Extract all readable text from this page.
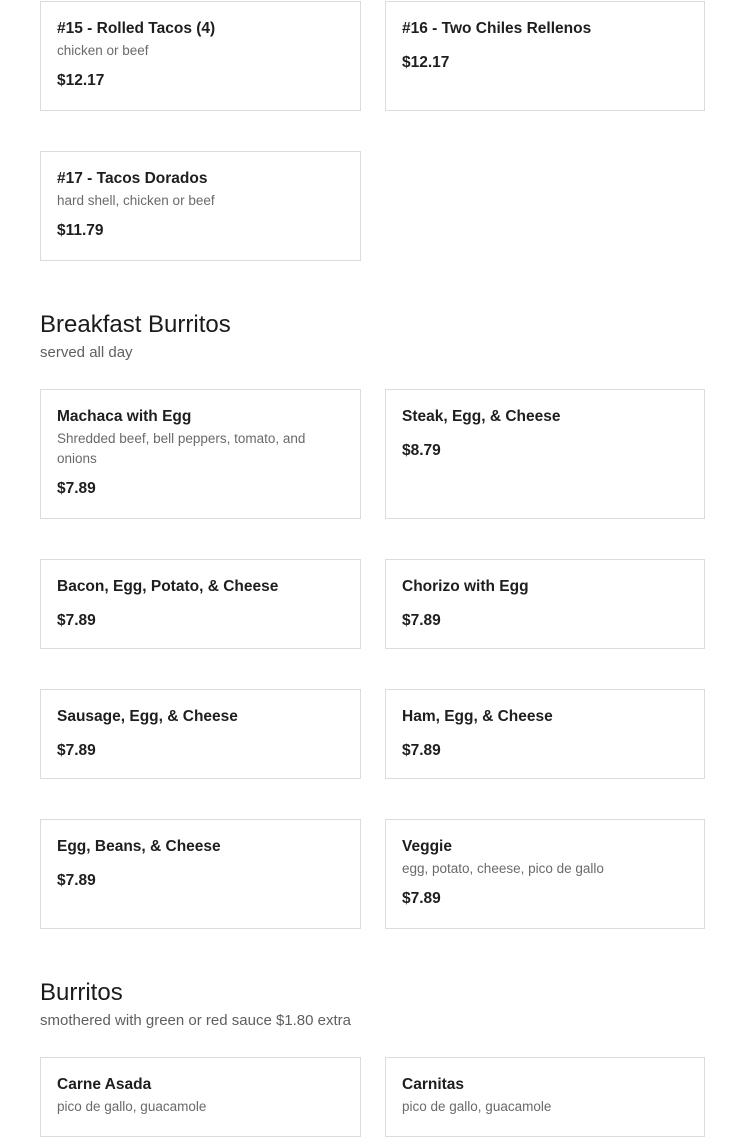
#15 - Rolled Tacos (4)
chicken or beef
$12.17
#16 - Two Chiles Rellenos
$12.17
#17 - Tacos Dorados
hard shell, chicken or beef
$11.79
Breakfast Burritos
served all day
Machaca with Egg
Shredded beef, bell peppers, tomato, and onions
$7.89
Steak, Egg, & Cheese
$8.79
Bacon, Egg, Potato, & Cheese
$7.89
Chorizo with Egg
$7.89
Sausage, Egg, & Cheese
$7.89
Ham, Egg, & Cheese
$7.89
Egg, Beans, & Cheese
$7.89
Veggie
egg, potato, cheese, pico de gallo
$7.89
Burritos
smothered with green or red sauce $1.80 extra
Carne Asada
pico de gallo, guacamole
Carnitas
pico de gallo, guacamole
